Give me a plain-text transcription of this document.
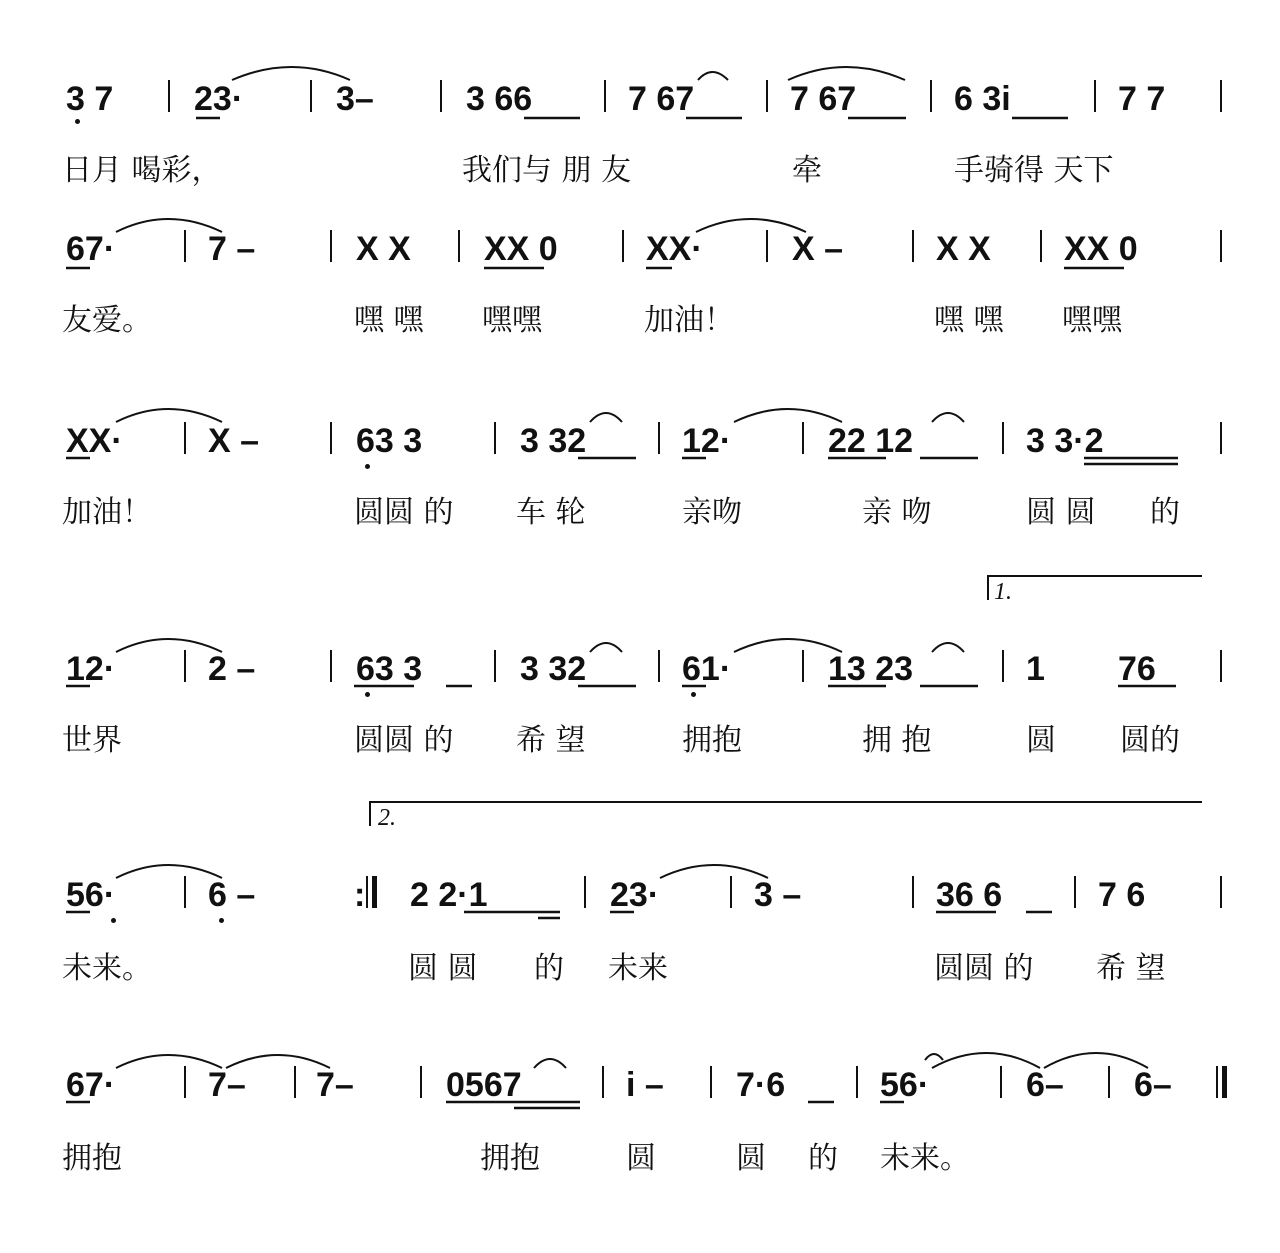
3 7 23·	3–	3 66	7 67	7 67	6 3i	7 7
日月 喝彩，	我们与 朋 友	牵	手骑得 天下
67·	7 –	X X XX 0	XX·	X –	X X XX 0
友爱。	嘿 嘿 嘿嘿	加油！	嘿 嘿 嘿嘿
XX·	X –	63 3	3 32	12·	22 12	3 3·2
加油！	圆圆 的 车 轮	亲吻	亲 吻	圆 圆 的
1.
12·	2 –	63 3	3 32	61·	13 23	1 76
世界	圆圆 的 希 望	拥抱	拥 抱	圆 圆的
2.
56·	6 –	: 2 2·1	23·	3 –	36 6	7 6
未来。	圆 圆 的 未来	圆圆 的 希 望
67·	7– 7–	0567	i – 7·6	56·	6– 6–
拥抱	拥抱	圆	圆 的 未来。
